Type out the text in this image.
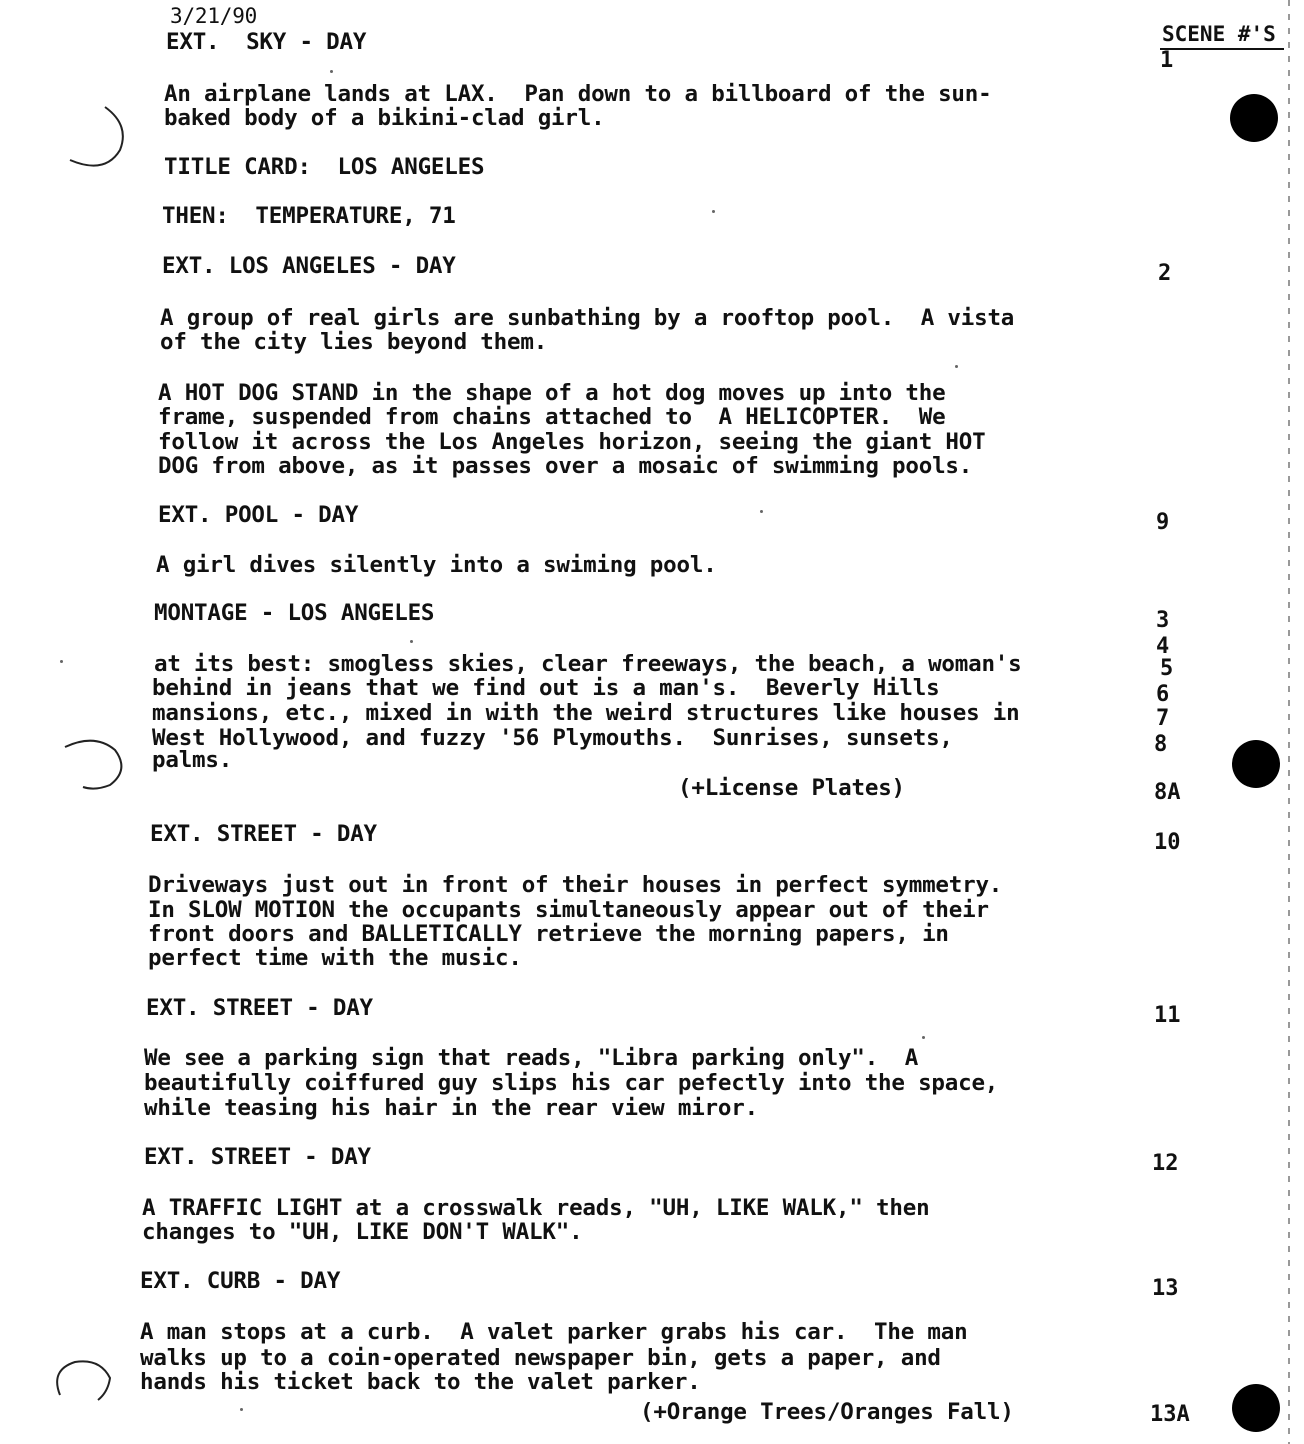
SCENE #'S
3/21/90
EXT.  SKY - DAY
An airplane lands at LAX.  Pan down to a billboard of the sun-
baked body of a bikini-clad girl.
TITLE CARD:  LOS ANGELES
THEN:  TEMPERATURE, 71
EXT. LOS ANGELES - DAY
A group of real girls are sunbathing by a rooftop pool.  A vista
of the city lies beyond them.
A HOT DOG STAND in the shape of a hot dog moves up into the
frame, suspended from chains attached to  A HELICOPTER.  We
follow it across the Los Angeles horizon, seeing the giant HOT
DOG from above, as it passes over a mosaic of swimming pools.
EXT. POOL - DAY
A girl dives silently into a swiming pool.
MONTAGE - LOS ANGELES
at its best: smogless skies, clear freeways, the beach, a woman's
behind in jeans that we find out is a man's.  Beverly Hills
mansions, etc., mixed in with the weird structures like houses in
West Hollywood, and fuzzy '56 Plymouths.  Sunrises, sunsets,
palms.
(+License Plates)
EXT. STREET - DAY
Driveways just out in front of their houses in perfect symmetry.
In SLOW MOTION the occupants simultaneously appear out of their
front doors and BALLETICALLY retrieve the morning papers, in
perfect time with the music.
EXT. STREET - DAY
We see a parking sign that reads, "Libra parking only".  A
beautifully coiffured guy slips his car pefectly into the space,
while teasing his hair in the rear view miror.
EXT. STREET - DAY
A TRAFFIC LIGHT at a crosswalk reads, "UH, LIKE WALK," then
changes to "UH, LIKE DON'T WALK".
EXT. CURB - DAY
A man stops at a curb.  A valet parker grabs his car.  The man
walks up to a coin-operated newspaper bin, gets a paper, and
hands his ticket back to the valet parker.
(+Orange Trees/Oranges Fall)
1
2
9
3
4
5
6
7
8
8A
10
11
12
13
13A
